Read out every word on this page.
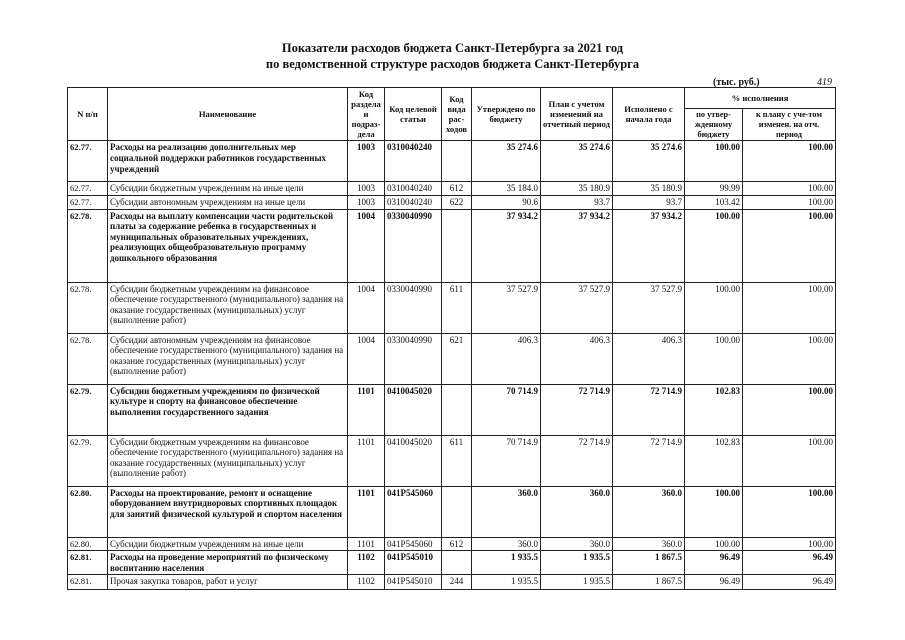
Показатели расходов бюджета Санкт-Петербурга за 2021 год
по ведомственной структуре расходов бюджета Санкт-Петербурга
(тыс. руб.)	419
N п/п	Наименование	Код раздела и подраз-дела	Код целевой статьи	Код вида рас-ходов	Утверждено по бюджету	План с учетом изменений на отчетный период	Исполнено с начала года	% исполнения	
								по утвер-жденному бюджету	к плану с уче-том изменен. на отч. период
62.77.	Расходы на реализацию дополнительных мер социальной поддержки работников государственных учреждений	1003	0310040240		35 274.6	35 274.6	35 274.6	100.00	100.00
62.77.	Субсидии бюджетным учреждениям на иные цели	1003	0310040240	612	35 184.0	35 180.9	35 180.9	99.99	100.00
62.77.	Субсидии автономным учреждениям на иные цели	1003	0310040240	622	90.6	93.7	93.7	103.42	100.00
62.78.	Расходы на выплату компенсации части родительской платы за содержание ребенка в государственных и муниципальных образовательных учреждениях, реализующих общеобразовательную программу дошкольного образования	1004	0330040990		37 934.2	37 934.2	37 934.2	100.00	100.00
62.78.	Субсидии бюджетным учреждениям на финансовое обеспечение государственного (муниципального) задания на оказание государственных (муниципальных) услуг (выполнение работ)	1004	0330040990	611	37 527.9	37 527.9	37 527.9	100.00	100.00
62.78.	Субсидии автономным учреждениям на финансовое обеспечение государственного (муниципального) задания на оказание государственных (муниципальных) услуг (выполнение работ)	1004	0330040990	621	406.3	406.3	406.3	100.00	100.00
62.79.	Субсидии бюджетным учреждениям по физической культуре и спорту на финансовое обеспечение выполнения государственного задания	1101	0410045020		70 714.9	72 714.9	72 714.9	102.83	100.00
62.79.	Субсидии бюджетным учреждениям на финансовое обеспечение государственного (муниципального) задания на оказание государственных (муниципальных) услуг (выполнение работ)	1101	0410045020	611	70 714.9	72 714.9	72 714.9	102.83	100.00
62.80.	Расходы на проектирование, ремонт и оснащение оборудованием внутридворовых спортивных площадок для занятий физической культурой и спортом населения	1101	041P545060		360.0	360.0	360.0	100.00	100.00
62.80.	Субсидии бюджетным учреждениям на иные цели	1101	041P545060	612	360.0	360.0	360.0	100.00	100.00
62.81.	Расходы на проведение мероприятий по физическому воспитанию населения	1102	041P545010		1 935.5	1 935.5	1 867.5	96.49	96.49
62.81.	Прочая закупка товаров, работ и услуг	1102	041P545010	244	1 935.5	1 935.5	1 867.5	96.49	96.49
